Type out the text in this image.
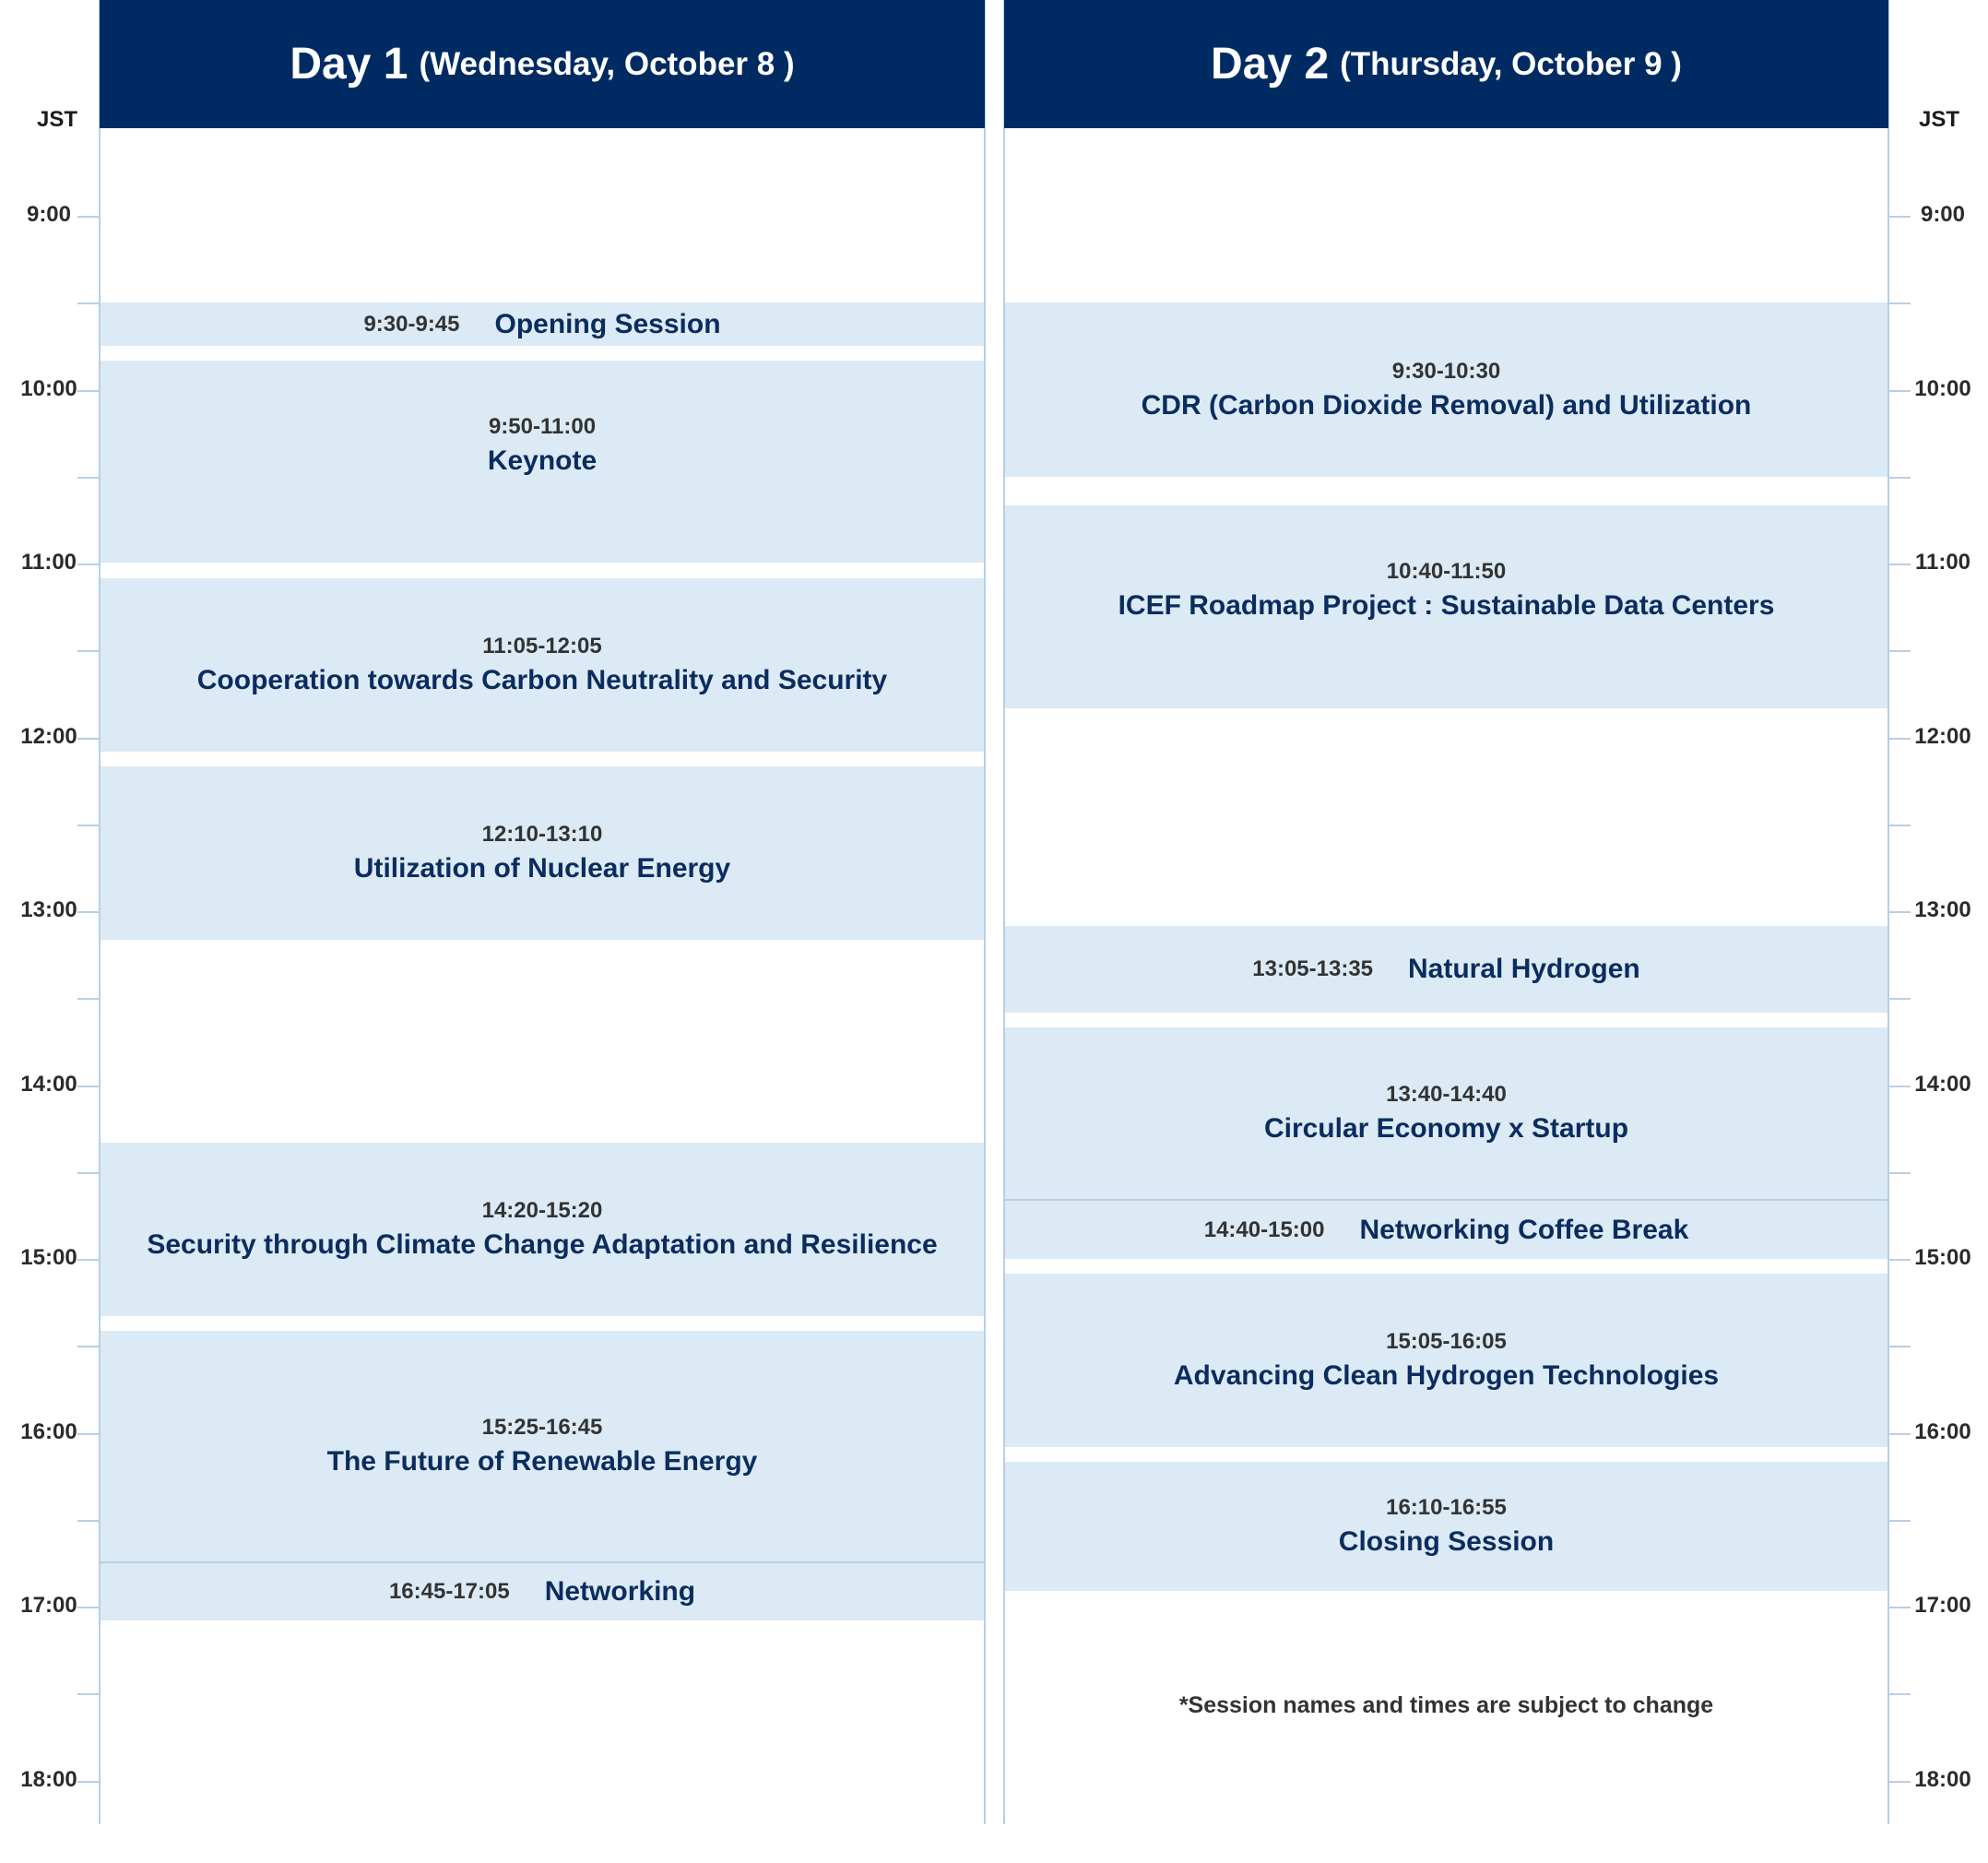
Day 1 (Wednesday, October 8 )	Day 2 (Thursday, October 9 )
JST	JST
9:00
10:00
11:00
12:00
13:00
14:00
15:00
16:00
17:00
18:00
9:00
10:00
11:00
12:00
13:00
14:00
15:00
16:00
17:00
18:00
9:30-9:45 Opening Session
9:50-11:00
Keynote
11:05-12:05
Cooperation towards Carbon Neutrality and Security
12:10-13:10
Utilization of Nuclear Energy
14:20-15:20
Security through Climate Change Adaptation and Resilience
15:25-16:45
The Future of Renewable Energy
16:45-17:05 Networking
9:30-10:30
CDR (Carbon Dioxide Removal) and Utilization
10:40-11:50
ICEF Roadmap Project : Sustainable Data Centers
13:05-13:35 Natural Hydrogen
13:40-14:40
Circular Economy x Startup
14:40-15:00 Networking Coffee Break
15:05-16:05
Advancing Clean Hydrogen Technologies
16:10-16:55
Closing Session
*Session names and times are subject to change
